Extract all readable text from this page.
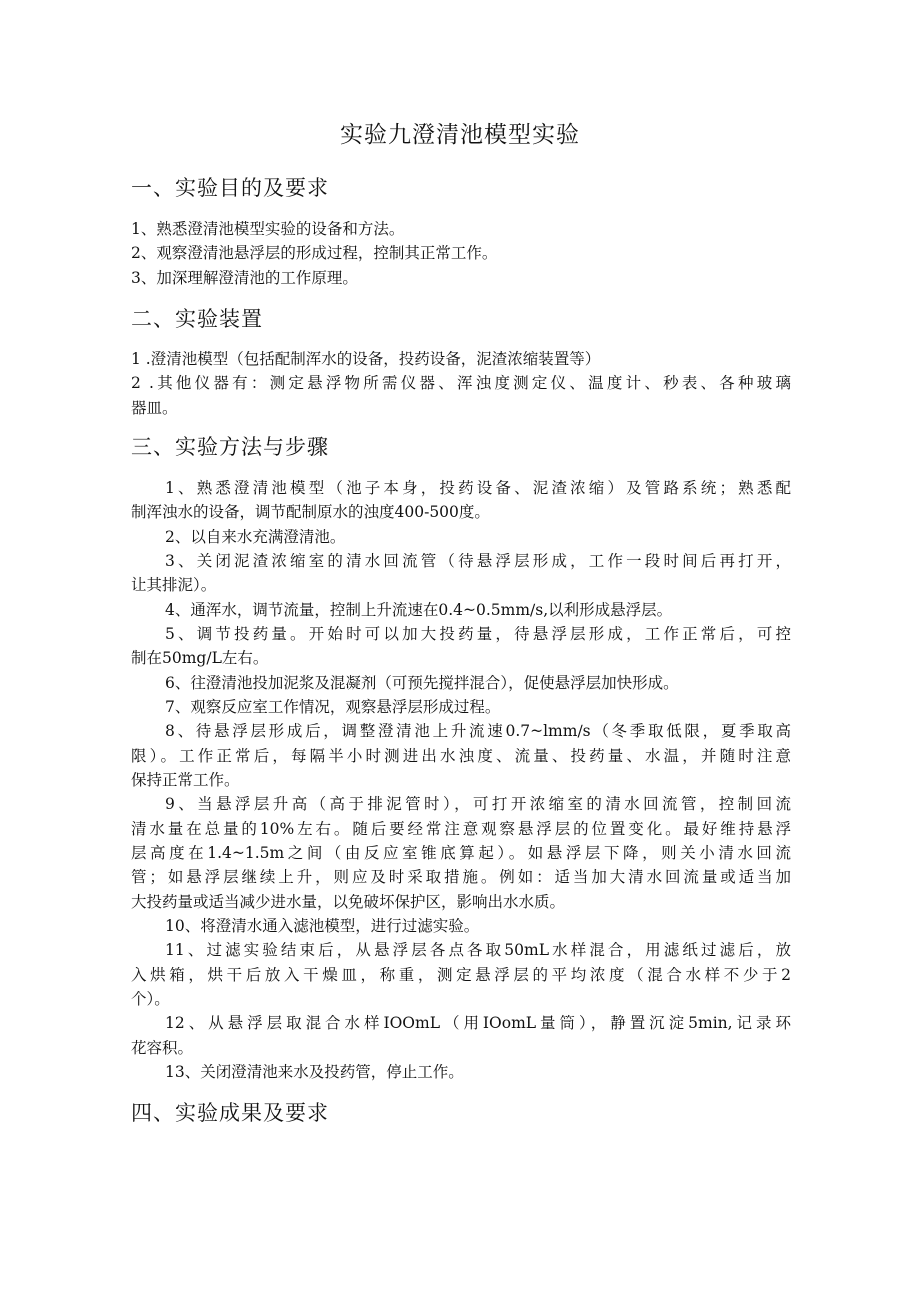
实验九澄清池模型实验
一、实验目的及要求
1、熟悉澄清池模型实验的设备和方法。
2、观察澄清池悬浮层的形成过程，控制其正常工作。
3、加深理解澄清池的工作原理。
二、实验装置
1 .澄清池模型（包括配制浑水的设备，投药设备，泥渣浓缩装置等）
2 .其他仪器有：测定悬浮物所需仪器、浑浊度测定仪、温度计、秒表、各种玻璃
器皿。
三、实验方法与步骤
1、熟悉澄清池模型（池子本身，投药设备、泥渣浓缩）及管路系统；熟悉配
制浑浊水的设备，调节配制原水的浊度400-500度。
2、以自来水充满澄清池。
3、关闭泥渣浓缩室的清水回流管（待悬浮层形成，工作一段时间后再打开，
让其排泥）。
4、通浑水，调节流量，控制上升流速在0.4~0.5mm∕s,以利形成悬浮层。
5、调节投药量。开始时可以加大投药量，待悬浮层形成，工作正常后，可控
制在50mg∕L左右。
6、往澄清池投加泥浆及混凝剂（可预先搅拌混合），促使悬浮层加快形成。
7、观察反应室工作情况，观察悬浮层形成过程。
8、待悬浮层形成后，调整澄清池上升流速0.7~lmm∕s（冬季取低限，夏季取高
限）。工作正常后，每隔半小时测进出水浊度、流量、投药量、水温，并随时注意
保持正常工作。
9、当悬浮层升高（高于排泥管时），可打开浓缩室的清水回流管，控制回流
清水量在总量的10%左右。随后要经常注意观察悬浮层的位置变化。最好维持悬浮
层高度在1.4~1.5m之间（由反应室锥底算起）。如悬浮层下降，则关小清水回流
管；如悬浮层继续上升，则应及时采取措施。例如：适当加大清水回流量或适当加
大投药量或适当减少进水量，以免破坏保护区，影响出水水质。
10、将澄清水通入滤池模型，进行过滤实验。
11、过滤实验结束后，从悬浮层各点各取50mL水样混合，用滤纸过滤后，放
入烘箱，烘干后放入干燥皿，称重，测定悬浮层的平均浓度（混合水样不少于2
个）。
12、从悬浮层取混合水样IOOmL（用IOomL量筒），静置沉淀5min,记录环
花容积。
13、关闭澄清池来水及投药管，停止工作。
四、实验成果及要求
